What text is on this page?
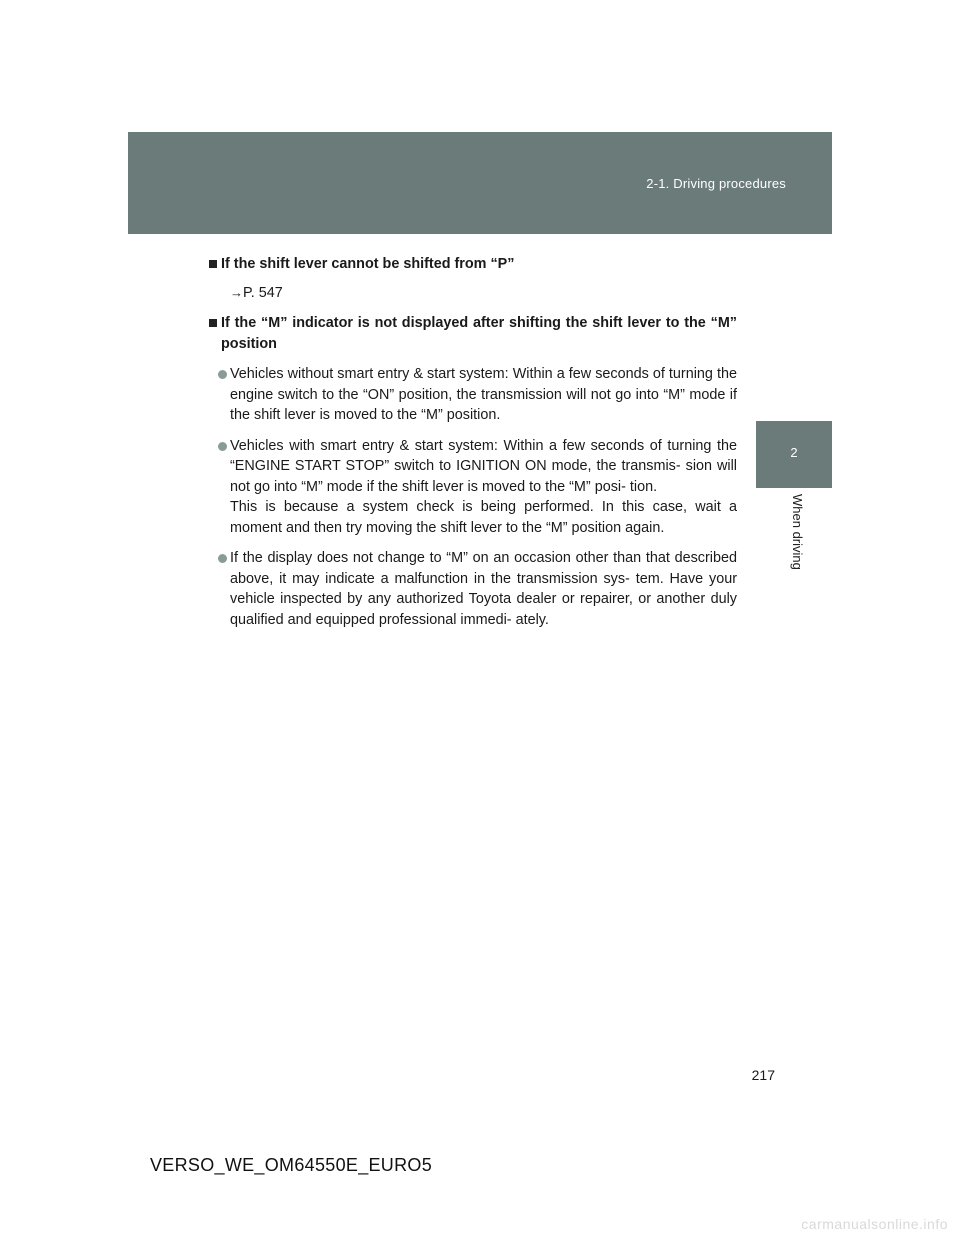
2-1. Driving procedures
2
When driving

If the shift lever cannot be shifted from “P”

→P. 547

If the “M” indicator is not displayed after shifting the shift lever to the “M” position

Vehicles without smart entry & start system: Within a few seconds of turning the engine switch to the “ON” position, the transmission will not go into “M” mode if the shift lever is moved to the “M” position.
Vehicles with smart entry & start system: Within a few seconds of turning the “ENGINE START STOP” switch to IGNITION ON mode, the transmis- sion will not go into “M” mode if the shift lever is moved to the “M” posi- tion.
This is because a system check is being performed. In this case, wait a moment and then try moving the shift lever to the “M” position again.
If the display does not change to “M” on an occasion other than that described above, it may indicate a malfunction in the transmission sys- tem. Have your vehicle inspected by any authorized Toyota dealer or repairer, or another duly qualified and equipped professional immedi- ately.
217
VERSO_WE_OM64550E_EURO5
carmanualsonline.info
